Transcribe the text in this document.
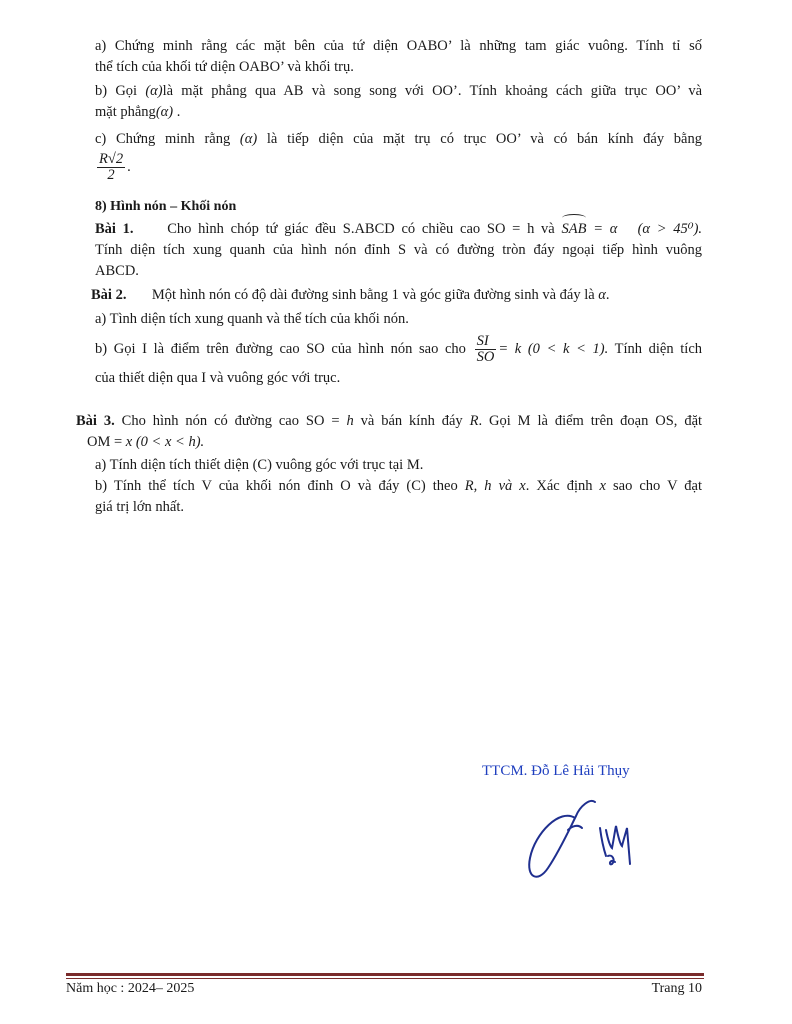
a) Chứng minh rằng các mặt bên của tứ diện OABO’ là những tam giác vuông. Tính tỉ số
thể tích của khối tứ diện OABO’ và khối trụ.
b) Gọi (α)là mặt phẳng qua AB và song song với OO’. Tính khoảng cách giữa trục OO’ và
mặt phẳng(α) .
c) Chứng minh rằng (α) là tiếp diện của mặt trụ có trục OO’ và có bán kính đáy bằng
$\frac{R√2}{2}$ .
8) Hình nón – Khối nón
Bài 1. Cho hình chóp tứ giác đều S.ABCD có chiều cao SO = h và SAB = α (α > 45⁰).
Tính diện tích xung quanh của hình nón đỉnh S và có đường tròn đáy ngoại tiếp hình vuông
ABCD.
Bài 2. Một hình nón có độ dài đường sinh bằng 1 và góc giữa đường sinh và đáy là α.
a) Tình diện tích xung quanh và thể tích của khối nón.
b) Gọi I là điểm trên đường cao SO của hình nón sao cho $\frac{SI}{SO} = k$ (0 < k < 1). Tính diện tích
của thiết diện qua I và vuông góc với trục.
Bài 3. Cho hình nón có đường cao SO = h và bán kính đáy R. Gọi M là điểm trên đoạn OS, đặt
OM = x (0 < x < h).
a) Tính diện tích thiết diện (C) vuông góc với trục tại M.
b) Tính thể tích V của khối nón đỉnh O và đáy (C) theo R, h và x. Xác định x sao cho V đạt
giá trị lớn nhất.
TTCM. Đỗ Lê Hải Thụy
Năm học : 2024– 2025	Trang 10
